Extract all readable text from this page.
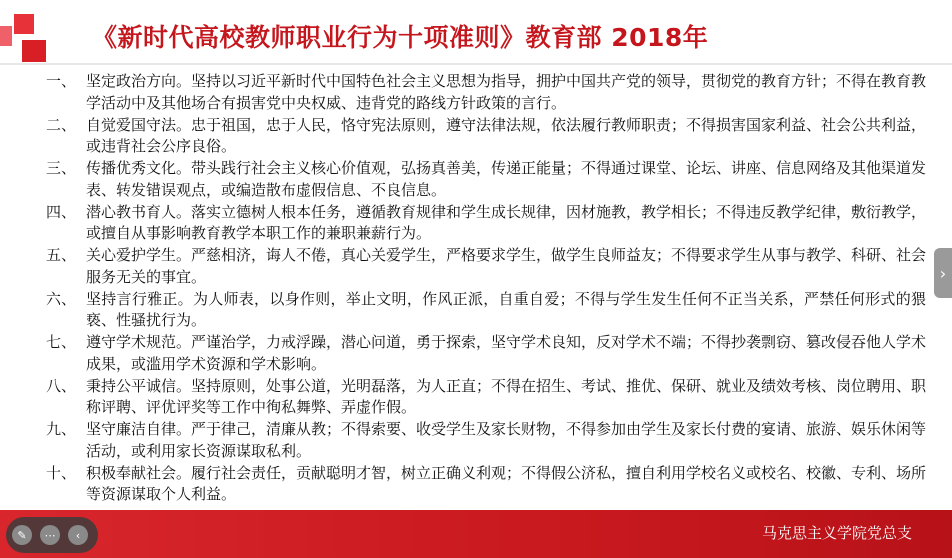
《新时代高校教师职业行为十项准则》教育部 2018年
一、 坚定政治方向。坚持以习近平新时代中国特色社会主义思想为指导，拥护中国共产党的领导，贯彻党的教育方针；不得在教育教学活动中及其他场合有损害党中央权威、违背党的路线方针政策的言行。
二、 自觉爱国守法。忠于祖国，忠于人民，恪守宪法原则，遵守法律法规，依法履行教师职责；不得损害国家利益、社会公共利益，或违背社会公序良俗。
三、 传播优秀文化。带头践行社会主义核心价值观，弘扬真善美，传递正能量；不得通过课堂、论坛、讲座、信息网络及其他渠道发表、转发错误观点，或编造散布虚假信息、不良信息。
四、 潜心教书育人。落实立德树人根本任务，遵循教育规律和学生成长规律，因材施教，教学相长；不得违反教学纪律，敷衍教学，或擅自从事影响教育教学本职工作的兼职兼薪行为。
五、 关心爱护学生。严慈相济，诲人不倦，真心关爱学生，严格要求学生，做学生良师益友；不得要求学生从事与教学、科研、社会服务无关的事宜。
六、 坚持言行雅正。为人师表，以身作则，举止文明，作风正派，自重自爱；不得与学生发生任何不正当关系，严禁任何形式的猥亵、性骚扰行为。
七、 遵守学术规范。严谨治学，力戒浮躁，潜心问道，勇于探索，坚守学术良知，反对学术不端；不得抄袭剽窃、篡改侵吞他人学术成果，或滥用学术资源和学术影响。
八、 秉持公平诚信。坚持原则，处事公道，光明磊落，为人正直；不得在招生、考试、推优、保研、就业及绩效考核、岗位聘用、职称评聘、评优评奖等工作中徇私舞弊、弄虚作假。
九、 坚守廉洁自律。严于律己，清廉从教；不得索要、收受学生及家长财物，不得参加由学生及家长付费的宴请、旅游、娱乐休闲等活动，或利用家长资源谋取私利。
十、 积极奉献社会。履行社会责任，贡献聪明才智，树立正确义利观；不得假公济私，擅自利用学校名义或校名、校徽、专利、场所等资源谋取个人利益。
马克思主义学院党总支
›
✎ ⋯ ‹
